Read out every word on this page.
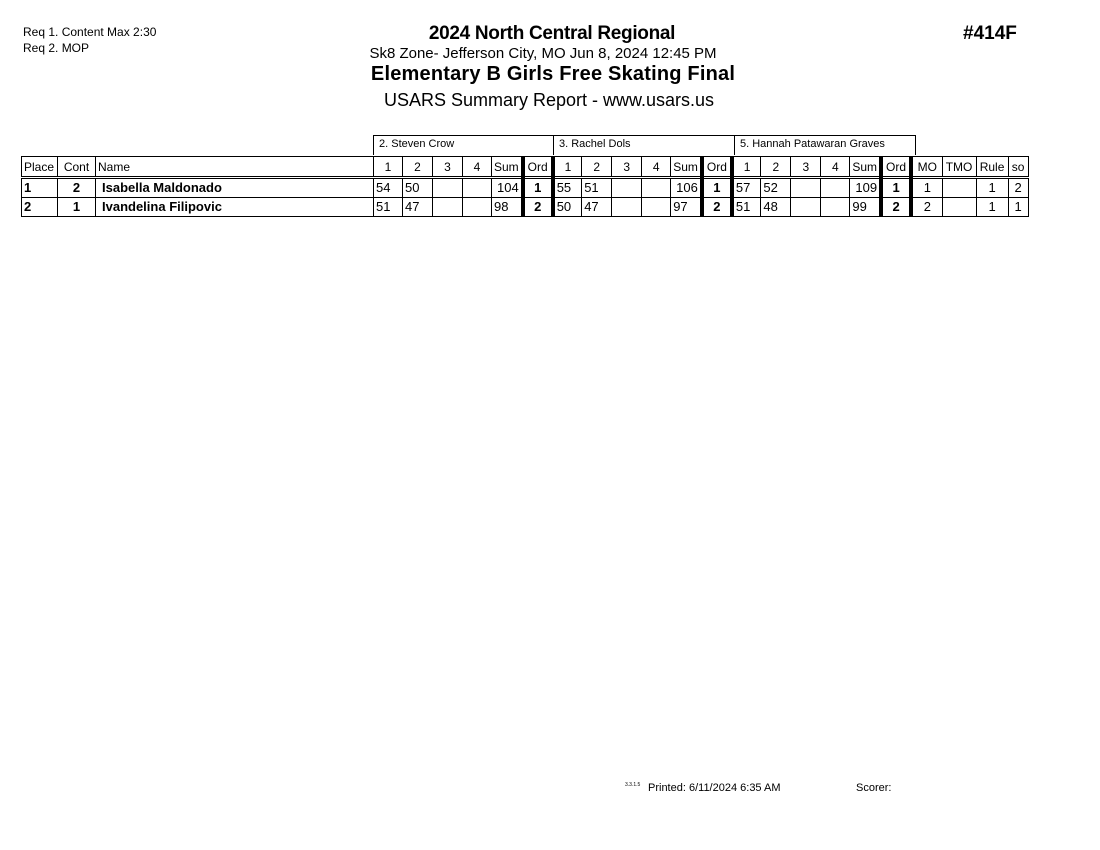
Req 1. Content Max 2:30
Req 2. MOP
2024 North Central Regional
Sk8 Zone- Jefferson City, MO Jun 8, 2024 12:45 PM
Elementary B Girls Free Skating Final
USARS Summary Report - www.usars.us
#414F
2. Steven Crow	3. Rachel Dols	5. Hannah Patawaran Graves
Place	Cont	Name	1	2	3	4	Sum	Ord	1	2	3	4	Sum	Ord	1	2	3	4	Sum	Ord	MO	TMO	Rule	so
1	2	Isabella Maldonado	54	50			104	1	55	51			106	1	57	52			109	1	1		1	2
2	1	Ivandelina Filipovic	51	47			98	2	50	47			97	2	51	48			99	2	2		1	1
3.3.1.5 Printed: 6/11/2024 6:35 AM	Scorer:
